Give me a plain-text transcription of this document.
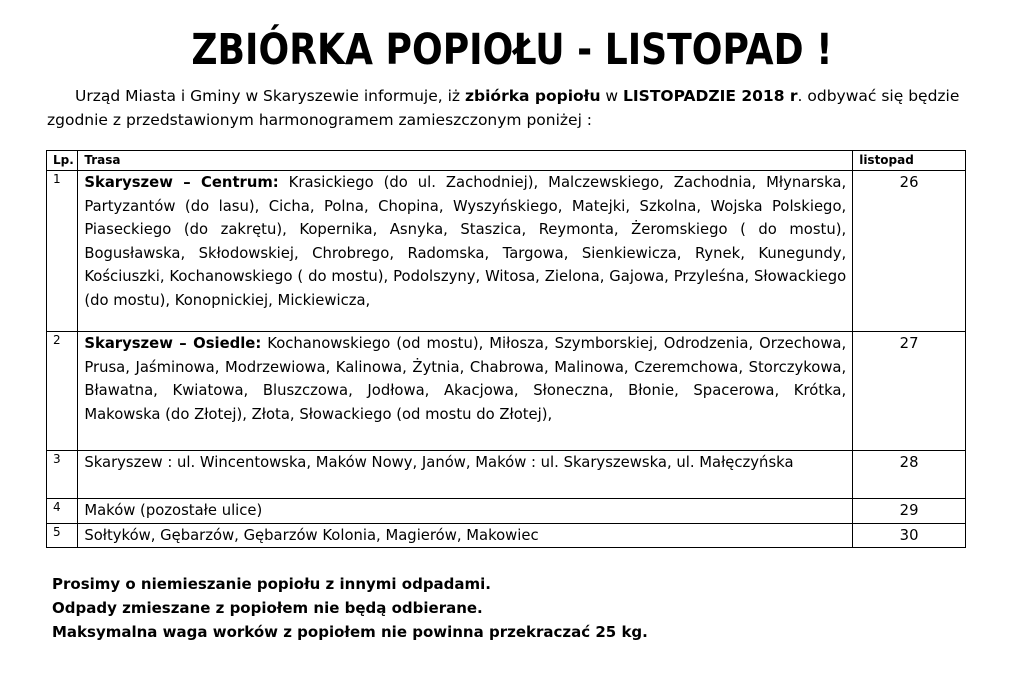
ZBIÓRKA POPIOŁU - LISTOPAD !
Urząd Miasta i Gminy w Skaryszewie informuje, iż zbiórka popiołu w LISTOPADZIE 2018 r. odbywać się będzie zgodnie z przedstawionym harmonogramem zamieszczonym poniżej :
Lp.	Trasa	listopad
1	Skaryszew – Centrum: Krasickiego (do ul. Zachodniej), Malczewskiego, Zachodnia, Młynarska, Partyzantów (do lasu), Cicha, Polna, Chopina, Wyszyńskiego, Matejki, Szkolna, Wojska Polskiego, Piaseckiego (do zakrętu), Kopernika, Asnyka, Staszica, Reymonta, Żeromskiego ( do mostu), Bogusławska, Skłodowskiej, Chrobrego, Radomska, Targowa, Sienkiewicza, Rynek, Kunegundy, Kościuszki, Kochanowskiego ( do mostu), Podolszyny, Witosa, Zielona, Gajowa, Przyleśna, Słowackiego (do mostu), Konopnickiej, Mickiewicza,	26
2	Skaryszew – Osiedle: Kochanowskiego (od mostu), Miłosza, Szymborskiej, Odrodzenia, Orzechowa, Prusa, Jaśminowa, Modrzewiowa, Kalinowa, Żytnia, Chabrowa, Malinowa, Czeremchowa, Storczykowa, Bławatna, Kwiatowa, Bluszczowa, Jodłowa, Akacjowa, Słoneczna, Błonie, Spacerowa, Krótka, Makowska (do Złotej), Złota, Słowackiego (od mostu do Złotej),	27
3	Skaryszew : ul. Wincentowska, Maków Nowy, Janów, Maków : ul. Skaryszewska, ul. Małęczyńska	28
4	Maków (pozostałe ulice)	29
5	Sołtyków, Gębarzów, Gębarzów Kolonia, Magierów, Makowiec	30

Prosimy o niemieszanie popiołu z innymi odpadami.

Odpady zmieszane z popiołem nie będą odbierane.

Maksymalna waga worków z popiołem nie powinna przekraczać 25 kg.
